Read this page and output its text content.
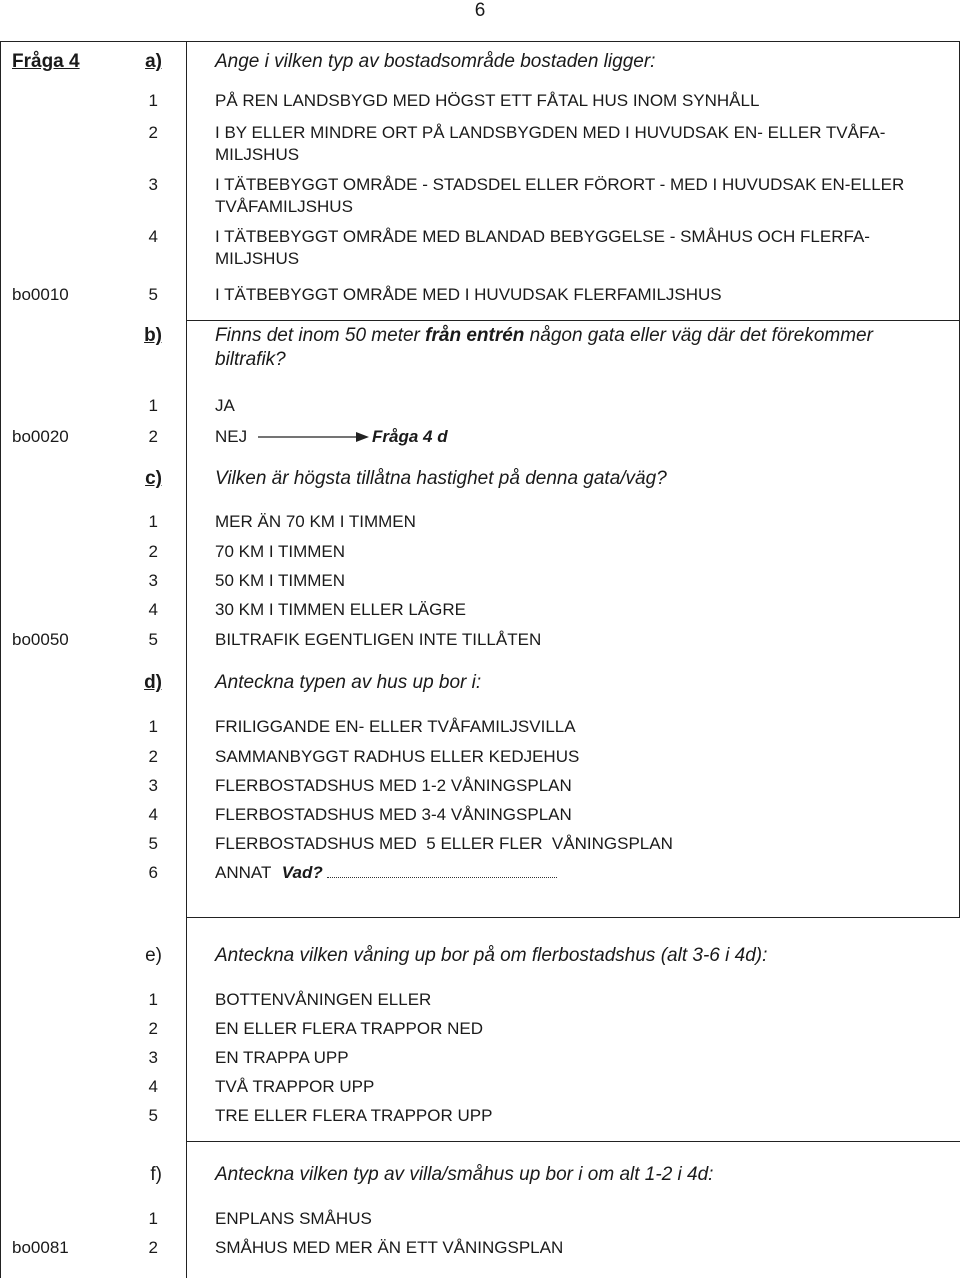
6
Fråga 4	a)	Ange i vilken typ av bostadsområde bostaden ligger:
1	PÅ REN LANDSBYGD MED HÖGST ETT FÅTAL HUS INOM SYNHÅLL
2	I BY ELLER MINDRE ORT PÅ LANDSBYGDEN MED I HUVUDSAK EN- ELLER TVÅFA-
MILJSHUS
3	I TÄTBEBYGGT OMRÅDE - STADSDEL ELLER FÖRORT - MED I HUVUDSAK EN-ELLER
TVÅFAMILJSHUS
4	I TÄTBEBYGGT OMRÅDE MED BLANDAD BEBYGGELSE - SMÅHUS OCH FLERFA-
MILJSHUS
bo0010	5	I TÄTBEBYGGT OMRÅDE MED I HUVUDSAK FLERFAMILJSHUS
b)	Finns det inom 50 meter från entrén någon gata eller väg där det förekommer
biltrafik?
1	JA
bo0020	2	NEJ	Fråga 4 d
c)	Vilken är högsta tillåtna hastighet på denna gata/väg?
1	MER ÄN 70 KM I TIMMEN
2	70 KM I TIMMEN
3	50 KM I TIMMEN
4	30 KM I TIMMEN ELLER LÄGRE
bo0050	5	BILTRAFIK EGENTLIGEN INTE TILLÅTEN
d)	Anteckna typen av hus up bor i:
1	FRILIGGANDE EN- ELLER TVÅFAMILJSVILLA
2	SAMMANBYGGT RADHUS ELLER KEDJEHUS
3	FLERBOSTADSHUS MED 1-2 VÅNINGSPLAN
4	FLERBOSTADSHUS MED 3-4 VÅNINGSPLAN
5	FLERBOSTADSHUS MED  5 ELLER FLER  VÅNINGSPLAN
6	ANNAT Vad?
e)	Anteckna vilken våning up bor på om flerbostadshus (alt 3-6 i 4d):
1	BOTTENVÅNINGEN ELLER
2	EN ELLER FLERA TRAPPOR NED
3	EN TRAPPA UPP
4	TVÅ TRAPPOR UPP
5	TRE ELLER FLERA TRAPPOR UPP
f)	Anteckna vilken typ av villa/småhus up bor i om alt 1-2 i 4d:
1	ENPLANS SMÅHUS
bo0081	2	SMÅHUS MED MER ÄN ETT VÅNINGSPLAN
